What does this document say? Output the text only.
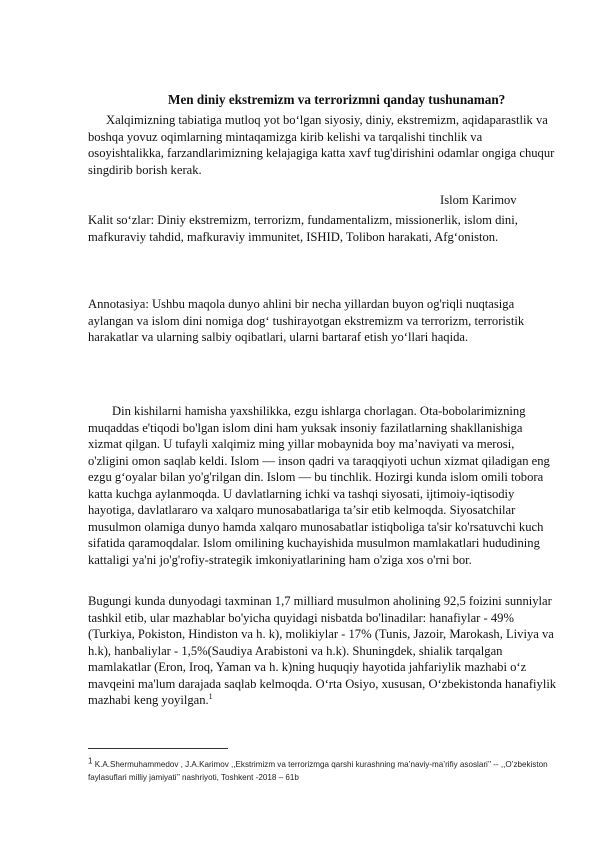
Men diniy ekstremizm va terrorizmni qanday tushunaman?
Xalqimizning tabiatiga mutloq yot bo‘lgan siyosiy, diniy, ekstremizm, aqidaparastlik va boshqa yovuz oqimlarning mintaqamizga kirib kelishi va tarqalishi tinchlik va osoyishtalikka, farzandlarimizning kelajagiga katta xavf tug'dirishini odamlar ongiga chuqur singdirib borish kerak.
Islom Karimov
Kalit so‘zlar: Diniy ekstremizm, terrorizm, fundamentalizm, missionerlik, islom dini, mafkuraviy tahdid, mafkuraviy immunitet, ISHID, Tolibon harakati, Afg‘oniston.
Annotasiya: Ushbu maqola dunyo ahlini bir necha yillardan buyon og'riqli nuqtasiga aylangan va islom dini nomiga dog‘ tushirayotgan ekstremizm va terrorizm, terroristik harakatlar va ularning salbiy oqibatlari, ularni bartaraf etish yo‘llari haqida.
Din kishilarni hamisha yaxshilikka, ezgu ishlarga chorlagan. Ota-bobolarimizning muqaddas e'tiqodi bo'lgan islom dini ham yuksak insoniy fazilatlarning shakllanishiga xizmat qilgan. U tufayli xalqimiz ming yillar mobaynida boy ma’naviyati va merosi, o'zligini omon saqlab keldi. Islom — inson qadri va taraqqiyoti uchun xizmat qiladigan eng ezgu g‘oyalar bilan yo'g'rilgan din. Islom — bu tinchlik. Hozirgi kunda islom omili tobora katta kuchga aylanmoqda. U davlatlarning ichki va tashqi siyosati, ijtimoiy-iqtisodiy hayotiga, davlatlararo va xalqaro munosabatlariga ta’sir etib kelmoqda. Siyosatchilar musulmon olamiga dunyo hamda xalqaro munosabatlar istiqboliga ta'sir ko'rsatuvchi kuch sifatida qaramoqdalar. Islom omilining kuchayishida musulmon mamlakatlari hududining kattaligi ya'ni jo'g'rofiy-strategik imkoniyatlarining ham o'ziga xos o'rni bor.
Bugungi kunda dunyodagi taxminan 1,7 milliard musulmon aholining 92,5 foizini sunniylar tashkil etib, ular mazhablar bo'yicha quyidagi nisbatda bo'linadilar: hanafiylar - 49%(Turkiya, Pokiston, Hindiston va h. k), molikiylar - 17% (Tunis, Jazoir, Marokash, Liviya va h.k), hanbaliylar - 1,5%(Saudiya Arabistoni va h.k). Shuningdek, shialik tarqalgan mamlakatlar (Eron, Iroq, Yaman va h. k)ning huquqiy hayotida jahfariylik mazhabi o‘z mavqeini ma'lum darajada saqlab kelmoqda. O‘rta Osiyo, xususan, O‘zbekistonda hanafiylik mazhabi keng yoyilgan.$^1$
$^1$ K.A.Shermuhammedov , J.A.Karimov ,,Ekstrimizm va terrorizmga qarshi kurashning ma’naviy-ma’rifiy asoslari’’ -- ,,O’zbekiston faylasuflari milliy jamiyati’’ nashriyoti, Toshkent -2018 – 61b
